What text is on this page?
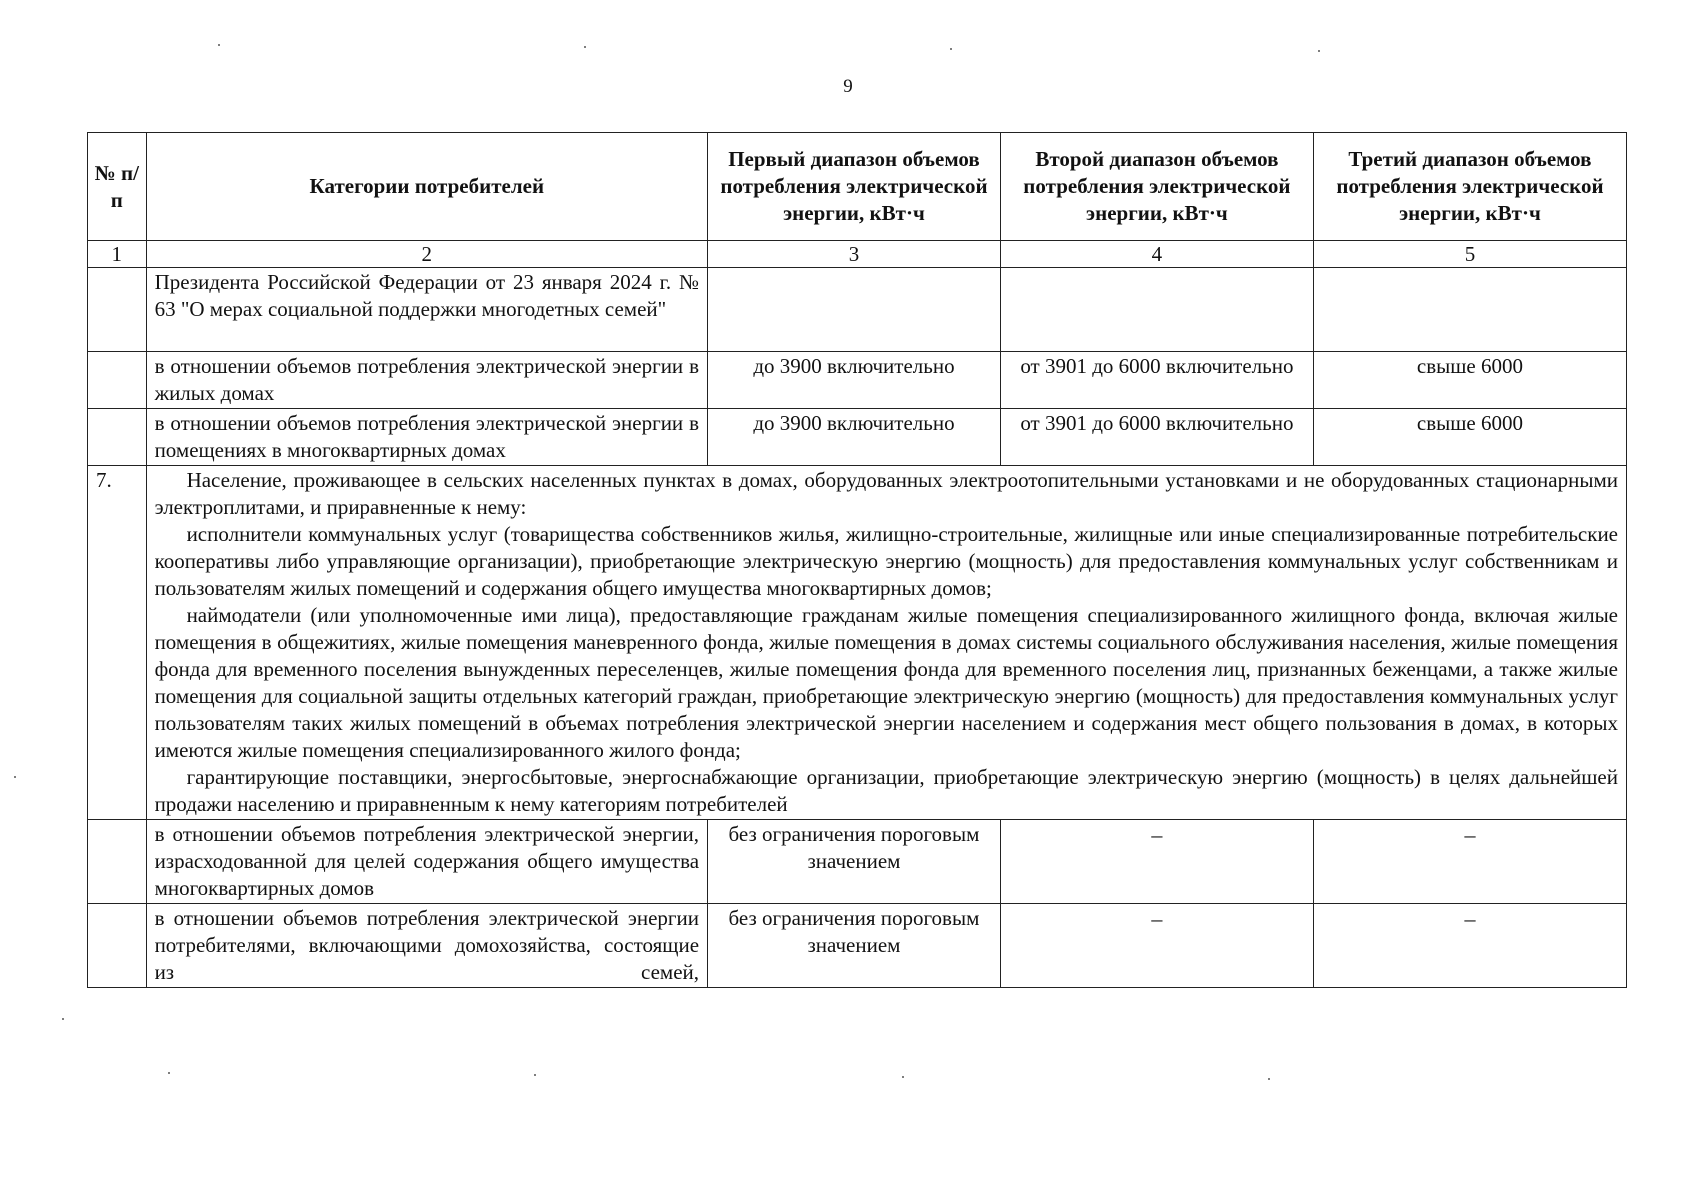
9
№ п/п	Категории потребителей	Первый диапазон объемов потребления электрической энергии, кВт·ч	Второй диапазон объемов потребления электрической энергии, кВт·ч	Третий диапазон объемов потребления электрической энергии, кВт·ч
1	2	3	4	5
	Президента Российской Федерации от 23 января 2024 г. № 63 "О мерах социальной поддержки многодетных семей"			
	в отношении объемов потребления электрической энергии в жилых домах	до 3900 включительно	от 3901 до 6000 включительно	свыше 6000
	в отношении объемов потребления электрической энергии в помещениях в многоквартирных домах	до 3900 включительно	от 3901 до 6000 включительно	свыше 6000
7.	Население, проживающее в сельских населенных пунктах в домах, оборудованных электроотопительными установками и не оборудованных стационарными электроплитами, и приравненные к нему:

исполнители коммунальных услуг (товарищества собственников жилья, жилищно-строительные, жилищные или иные специализированные потребительские кооперативы либо управляющие организации), приобретающие электрическую энергию (мощность) для предоставления коммунальных услуг собственникам и пользователям жилых помещений и содержания общего имущества многоквартирных домов;

наймодатели (или уполномоченные ими лица), предоставляющие гражданам жилые помещения специализированного жилищного фонда, включая жилые помещения в общежитиях, жилые помещения маневренного фонда, жилые помещения в домах системы социального обслуживания населения, жилые помещения фонда для временного поселения вынужденных переселенцев, жилые помещения фонда для временного поселения лиц, признанных беженцами, а также жилые помещения для социальной защиты отдельных категорий граждан, приобретающие электрическую энергию (мощность) для предоставления коммунальных услуг пользователям таких жилых помещений в объемах потребления электрической энергии населением и содержания мест общего пользования в домах, в которых имеются жилые помещения специализированного жилого фонда;

гарантирующие поставщики, энергосбытовые, энергоснабжающие организации, приобретающие электрическую энергию (мощность) в целях дальнейшей продажи населению и приравненным к нему категориям потребителей			

	в отношении объемов потребления электрической энергии, израсходованной для целей содержания общего имущества многоквартирных домов	без ограничения пороговым значением	–	–
	в отношении объемов потребления электрической энергии потребителями, включающими домохозяйства, состоящие из семей,	без ограничения пороговым значением	–	–
